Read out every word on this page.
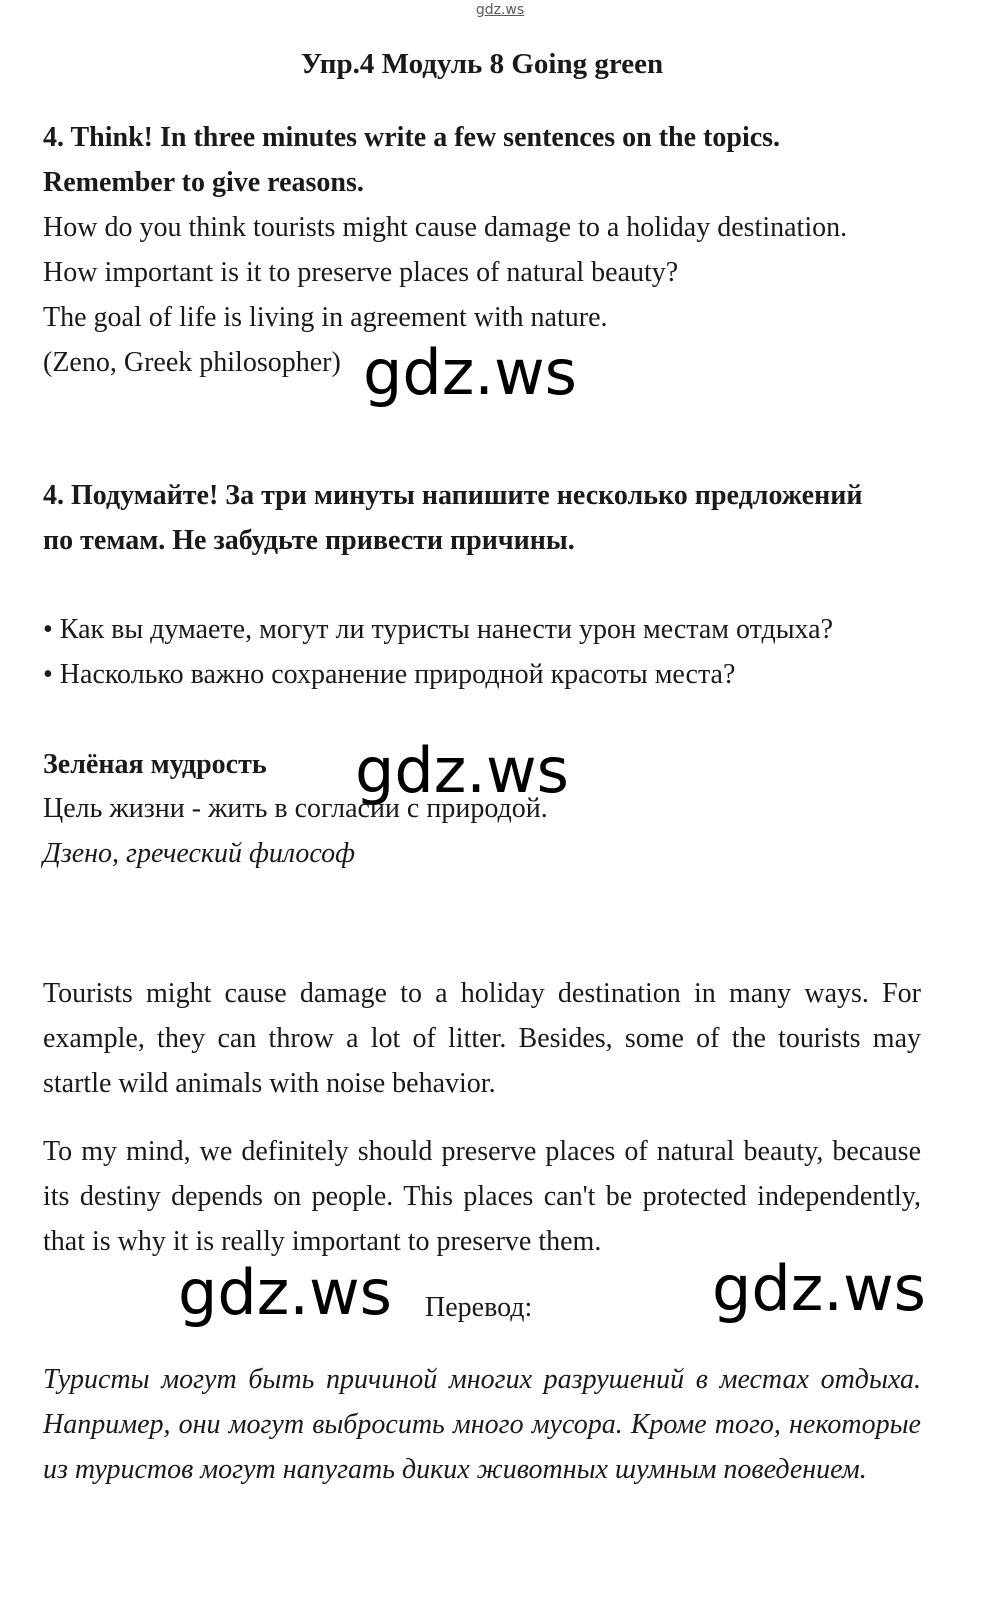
gdz.ws
Упр.4 Модуль 8 Going green
4. Think! In three minutes write a few sentences on the topics.
Remember to give reasons.
How do you think tourists might cause damage to a holiday destination.
How important is it to preserve places of natural beauty?
The goal of life is living in agreement with nature.
(Zeno, Greek philosopher) gdz.ws
4. Подумайте! За три минуты напишите несколько предложений
по темам. Не забудьте привести причины.
• Как вы думаете, могут ли туристы нанести урон местам отдыха?
• Насколько важно сохранение природной красоты места?
Зелёная мудрость gdz.ws
Цель жизни - жить в согласии с природой.
Дзено, греческий философ

Tourists might cause damage to a holiday destination in many ways. For example, they can throw a lot of litter. Besides, some of the tourists may startle wild animals with noise behavior.

To my mind, we definitely should preserve places of natural beauty, because its destiny depends on people. This places can't be protected independently, that is why it is really important to preserve them.

gdz.ws Перевод:	gdz.ws

Туристы могут быть причиной многих разрушений в местах отдыха. Например, они могут выбросить много мусора. Кроме того, некоторые из туристов могут напугать диких животных шумным поведением.
